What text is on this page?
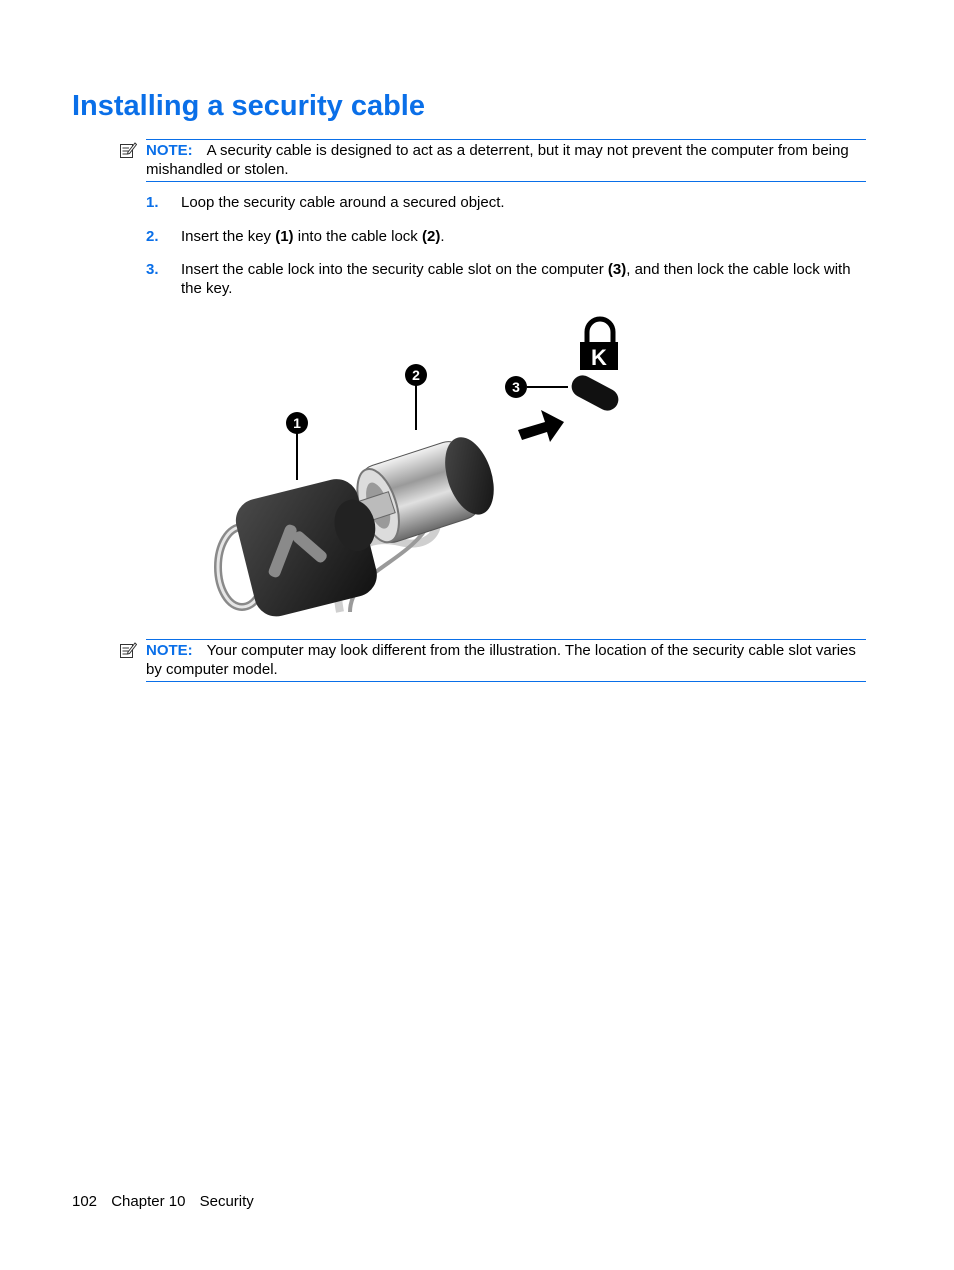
Installing a security cable
NOTE: A security cable is designed to act as a deterrent, but it may not prevent the computer from being mishandled or stolen.
1. Loop the security cable around a secured object.
2. Insert the key (1) into the cable lock (2).
3. Insert the cable lock into the security cable slot on the computer (3), and then lock the cable lock with the key.
1
2
3
K
NOTE: Your computer may look different from the illustration. The location of the security cable slot varies by computer model.
102 Chapter 10 Security
